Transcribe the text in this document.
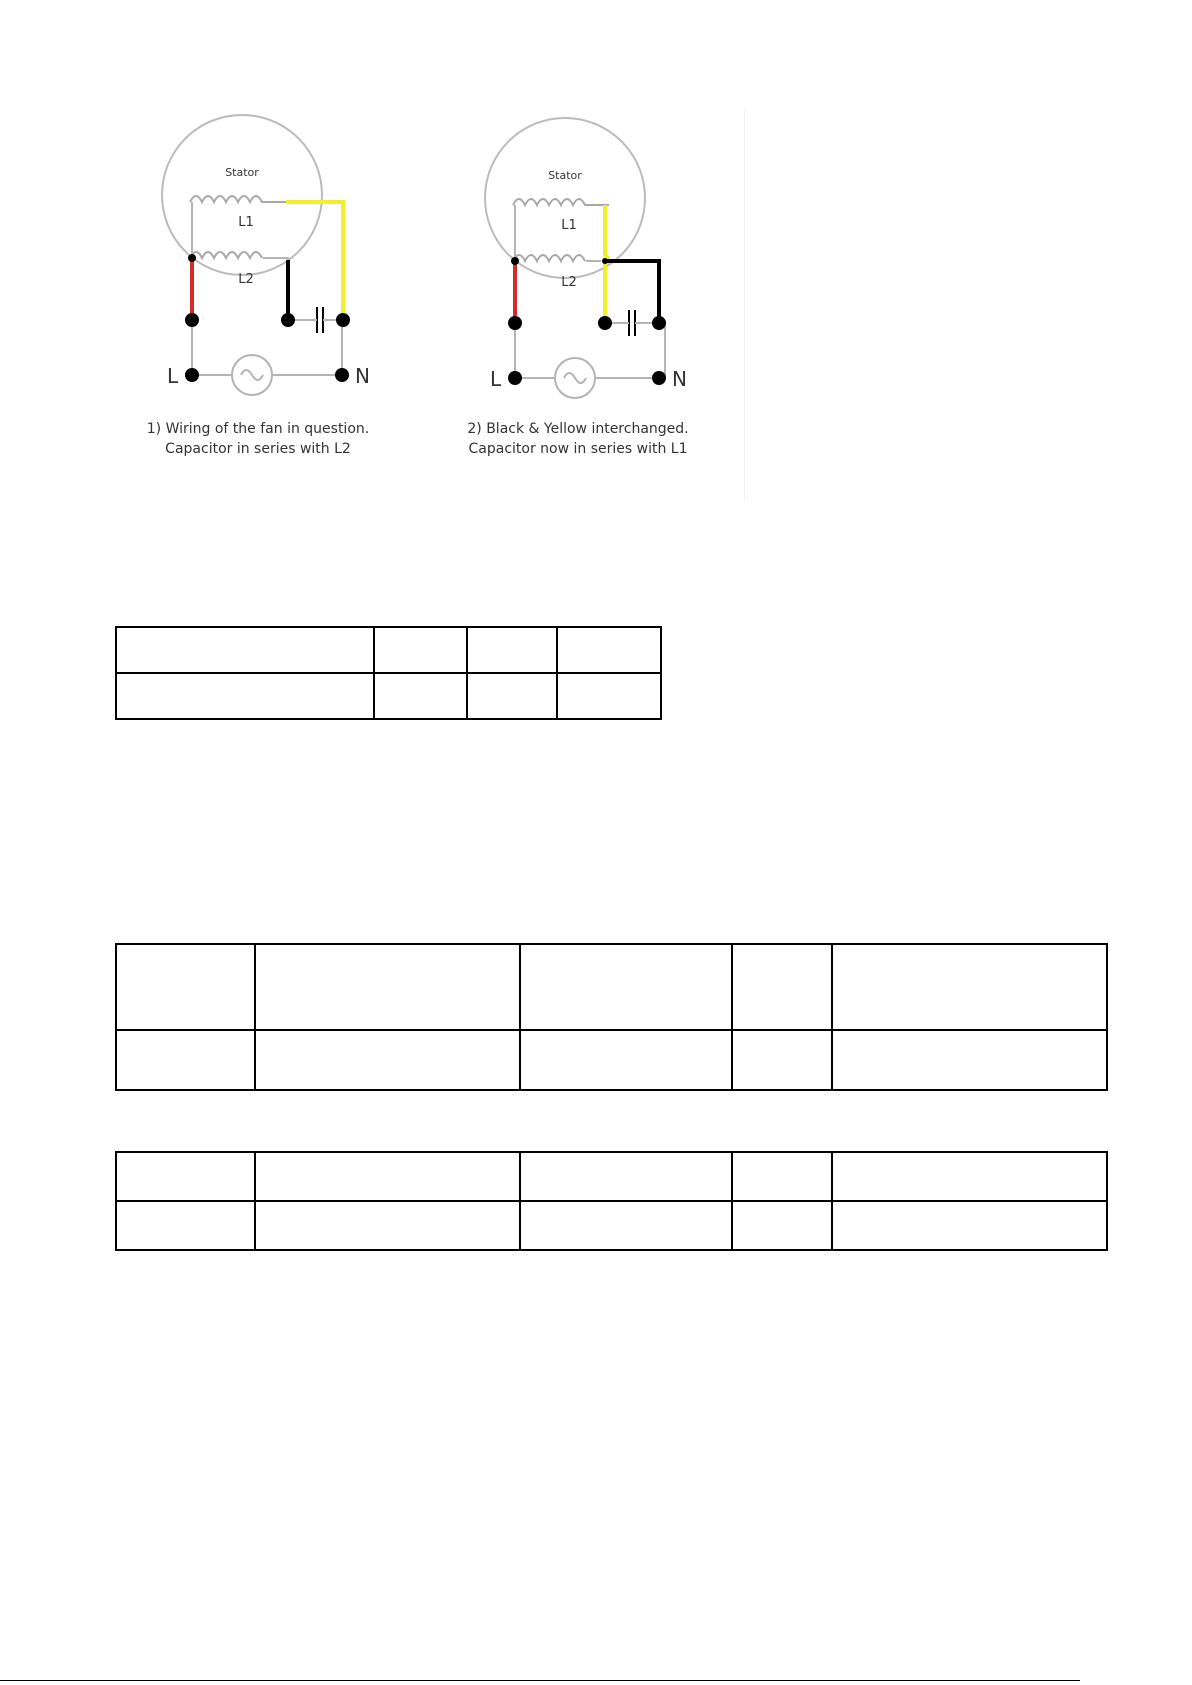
Stator
L1
L2
L	N
1) Wiring of the fan in question.
Capacitor in series with L2
Stator
L1
L2
L	N
2) Black & Yellow interchanged.
Capacitor now in series with L1
